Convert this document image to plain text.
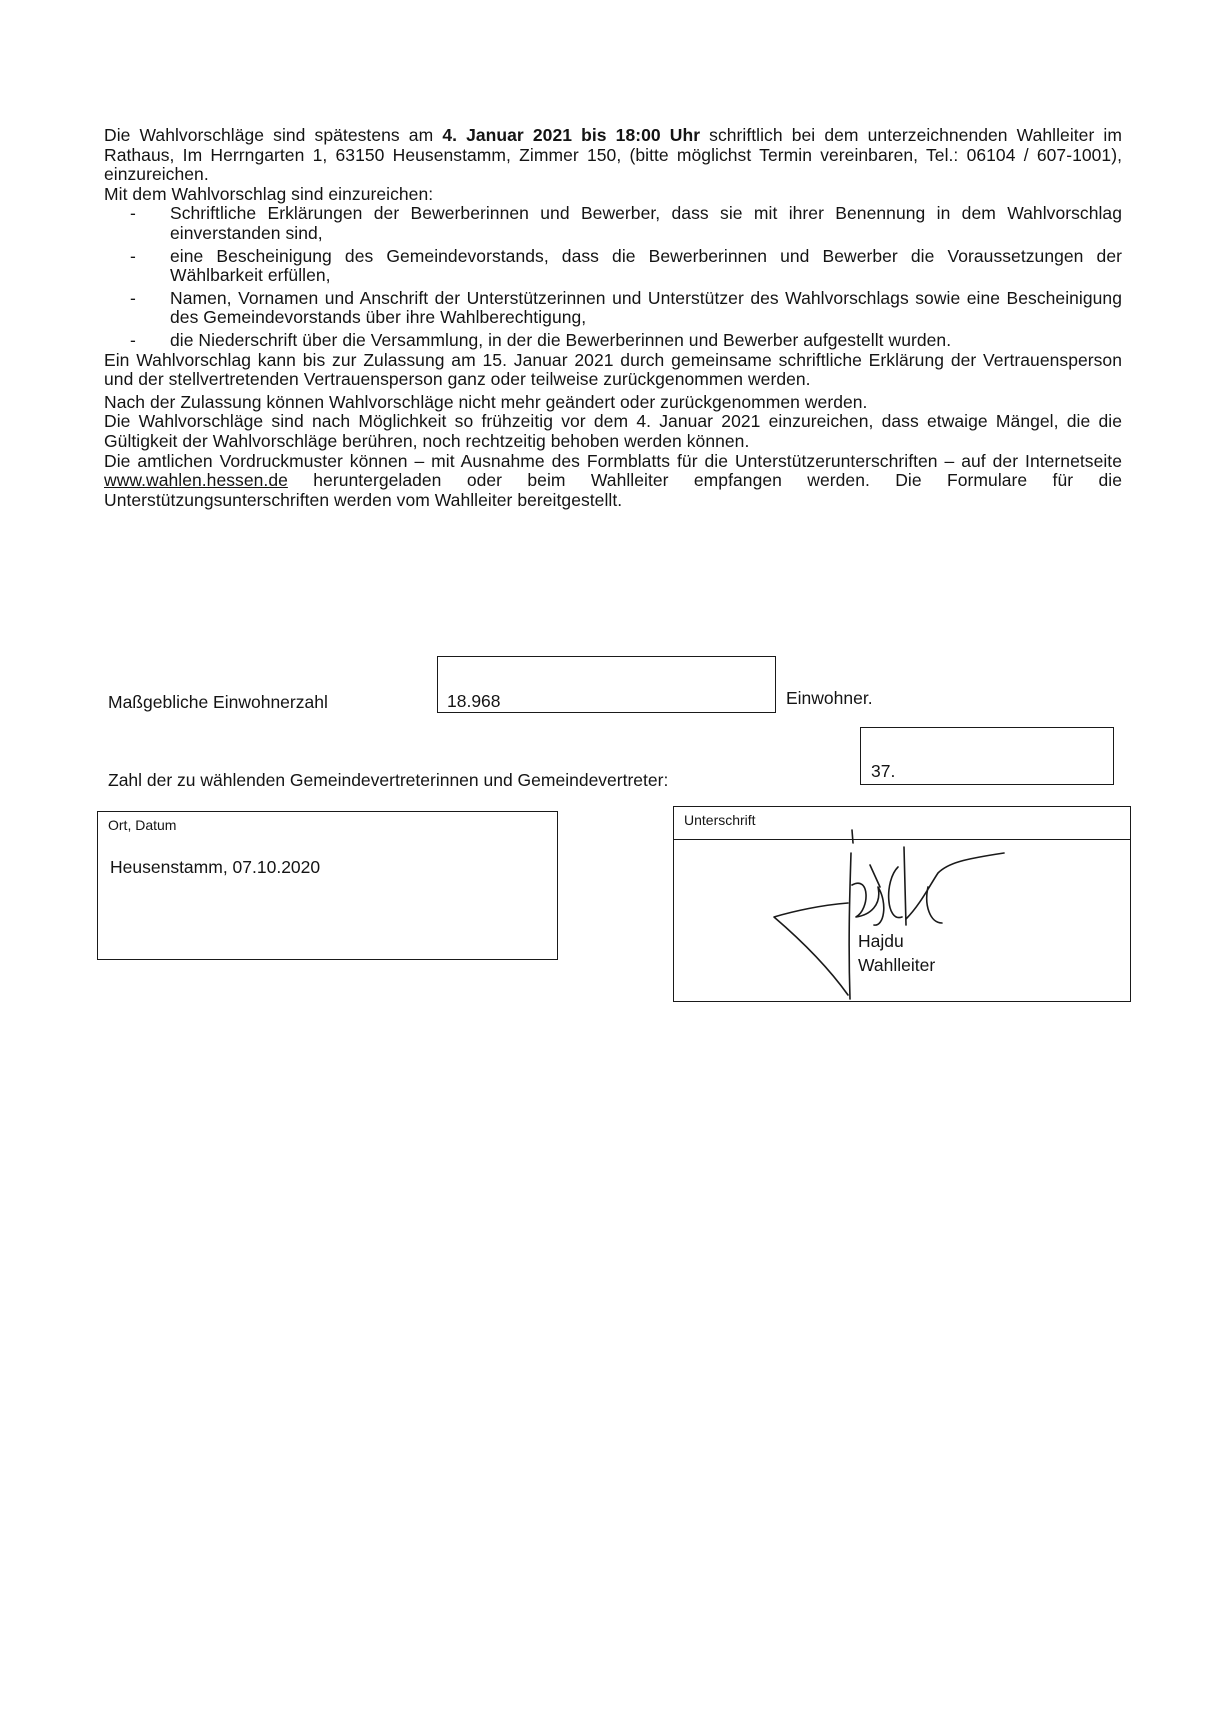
Die Wahlvorschläge sind spätestens am 4. Januar 2021 bis 18:00 Uhr schriftlich bei dem unterzeichnenden Wahlleiter im Rathaus, Im Herrngarten 1, 63150 Heusenstamm, Zimmer 150, (bitte möglichst Termin vereinbaren, Tel.: 06104 / 607-1001), einzureichen.

Mit dem Wahlvorschlag sind einzureichen:

- Schriftliche Erklärungen der Bewerberinnen und Bewerber, dass sie mit ihrer Benennung in dem Wahlvorschlag einverstanden sind,
- eine Bescheinigung des Gemeindevorstands, dass die Bewerberinnen und Bewerber die Voraussetzungen der Wählbarkeit erfüllen,
- Namen, Vornamen und Anschrift der Unterstützerinnen und Unterstützer des Wahlvorschlags sowie eine Bescheinigung des Gemeindevorstands über ihre Wahlberechtigung,
- die Niederschrift über die Versammlung, in der die Bewerberinnen und Bewerber aufgestellt wurden.

Ein Wahlvorschlag kann bis zur Zulassung am 15. Januar 2021 durch gemeinsame schriftliche Erklärung der Vertrauensperson und der stellvertretenden Vertrauensperson ganz oder teilweise zurückgenommen werden.

Nach der Zulassung können Wahlvorschläge nicht mehr geändert oder zurückgenommen werden.

Die Wahlvorschläge sind nach Möglichkeit so frühzeitig vor dem 4. Januar 2021 einzureichen, dass etwaige Mängel, die die Gültigkeit der Wahlvorschläge berühren, noch rechtzeitig behoben werden können.

Die amtlichen Vordruckmuster können – mit Ausnahme des Formblatts für die Unterstützerunterschriften – auf der Internetseite www.wahlen.hessen.de heruntergeladen oder beim Wahlleiter empfangen werden. Die Formulare für die Unterstützungsunterschriften werden vom Wahlleiter bereitgestellt.

Maßgebliche Einwohnerzahl	18.968	Einwohner.
Zahl der zu wählenden Gemeindevertreterinnen und Gemeindevertreter:	37.
Ort, Datum
Heusenstamm, 07.10.2020
Unterschrift
Hajdu
Wahlleiter
